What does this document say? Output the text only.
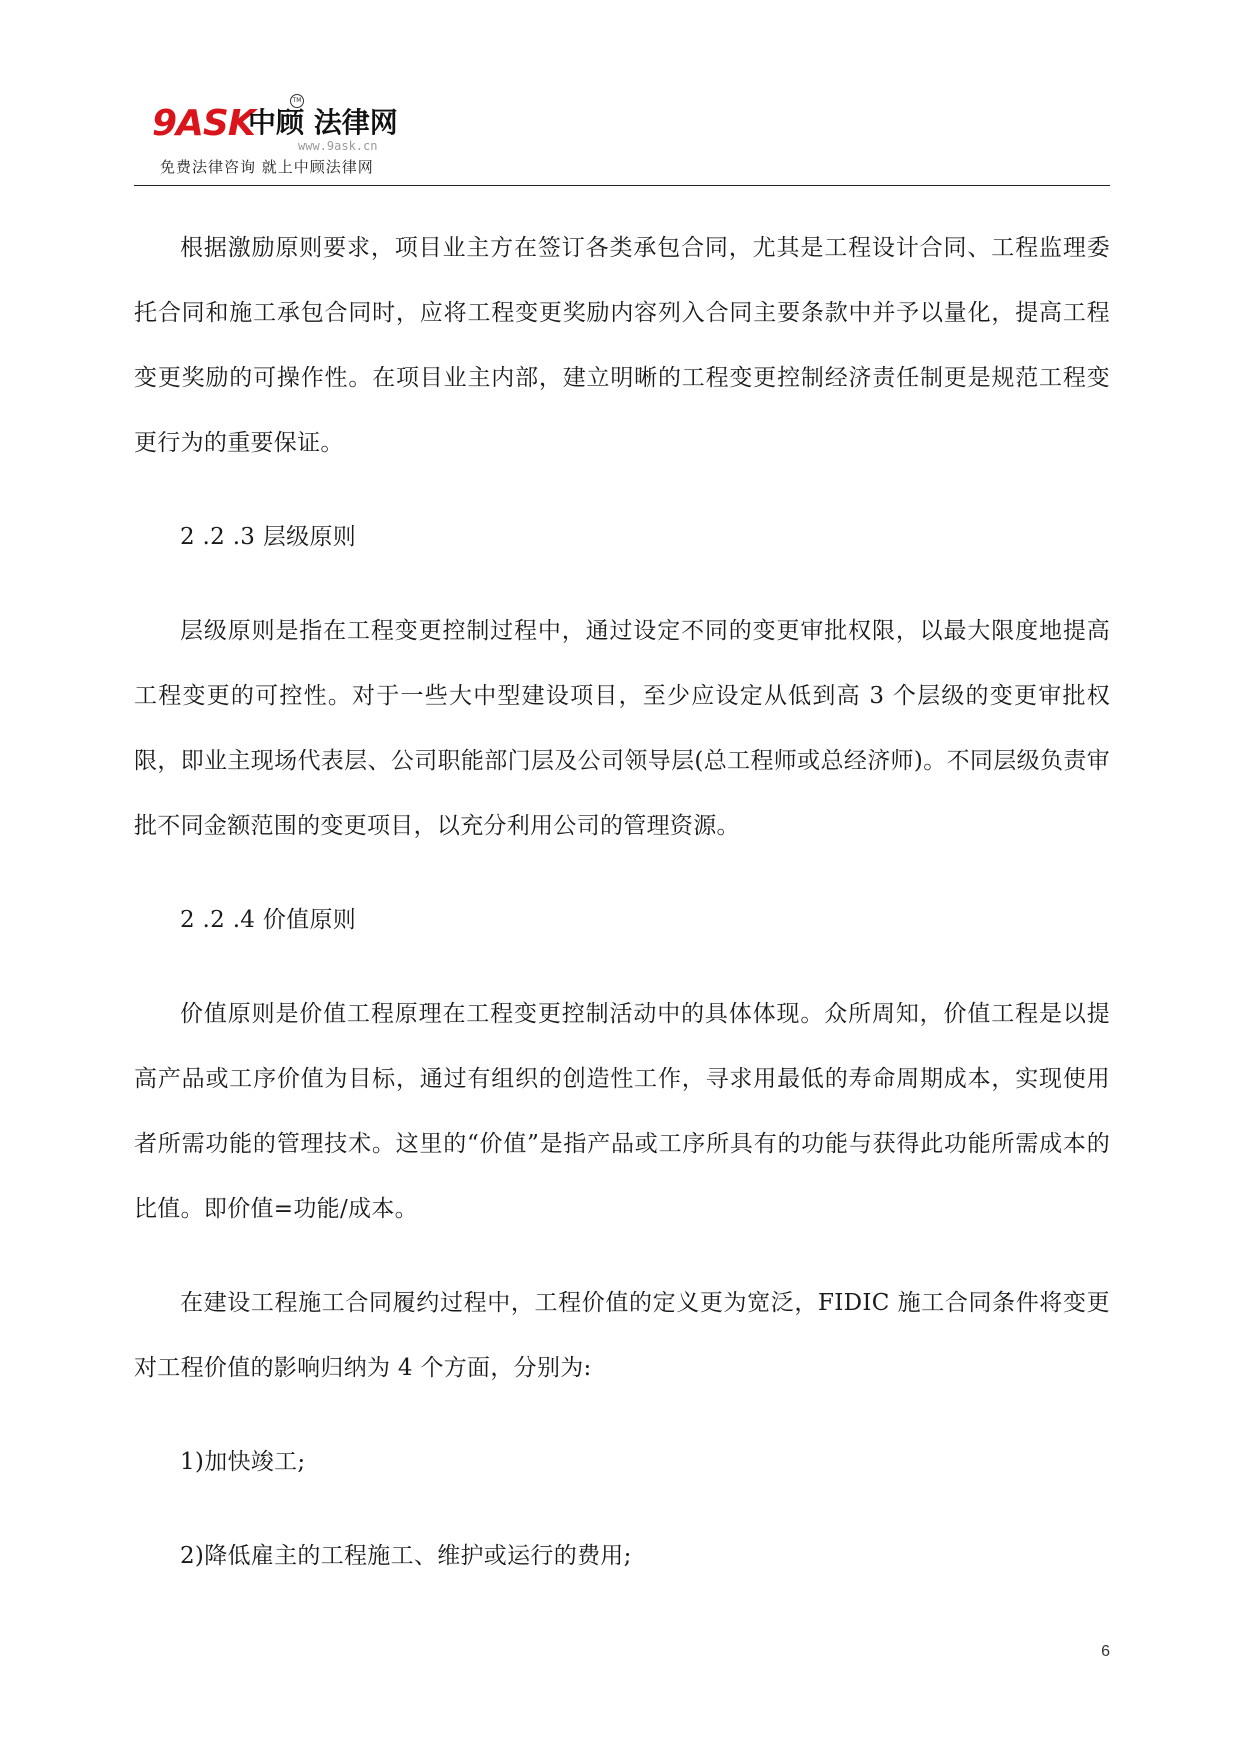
9ASK
中顾 法律网
TM
www.9ask.cn
免费法律咨询 就上中顾法律网

根据激励原则要求，项目业主方在签订各类承包合同，尤其是工程设计合同、工程监理委托合同和施工承包合同时，应将工程变更奖励内容列入合同主要条款中并予以量化，提高工程变更奖励的可操作性。在项目业主内部，建立明晰的工程变更控制经济责任制更是规范工程变更行为的重要保证。

2 .2 .3 层级原则

层级原则是指在工程变更控制过程中，通过设定不同的变更审批权限，以最大限度地提高工程变更的可控性。对于一些大中型建设项目，至少应设定从低到高 3 个层级的变更审批权限，即业主现场代表层、公司职能部门层及公司领导层(总工程师或总经济师)。不同层级负责审批不同金额范围的变更项目，以充分利用公司的管理资源。

2 .2 .4 价值原则

价值原则是价值工程原理在工程变更控制活动中的具体体现。众所周知，价值工程是以提高产品或工序价值为目标，通过有组织的创造性工作，寻求用最低的寿命周期成本，实现使用者所需功能的管理技术。这里的“价值”是指产品或工序所具有的功能与获得此功能所需成本的比值。即价值=功能/成本。

在建设工程施工合同履约过程中，工程价值的定义更为宽泛，FIDIC 施工合同条件将变更对工程价值的影响归纳为 4 个方面，分别为:

1)加快竣工;

2)降低雇主的工程施工、维护或运行的费用;

6
